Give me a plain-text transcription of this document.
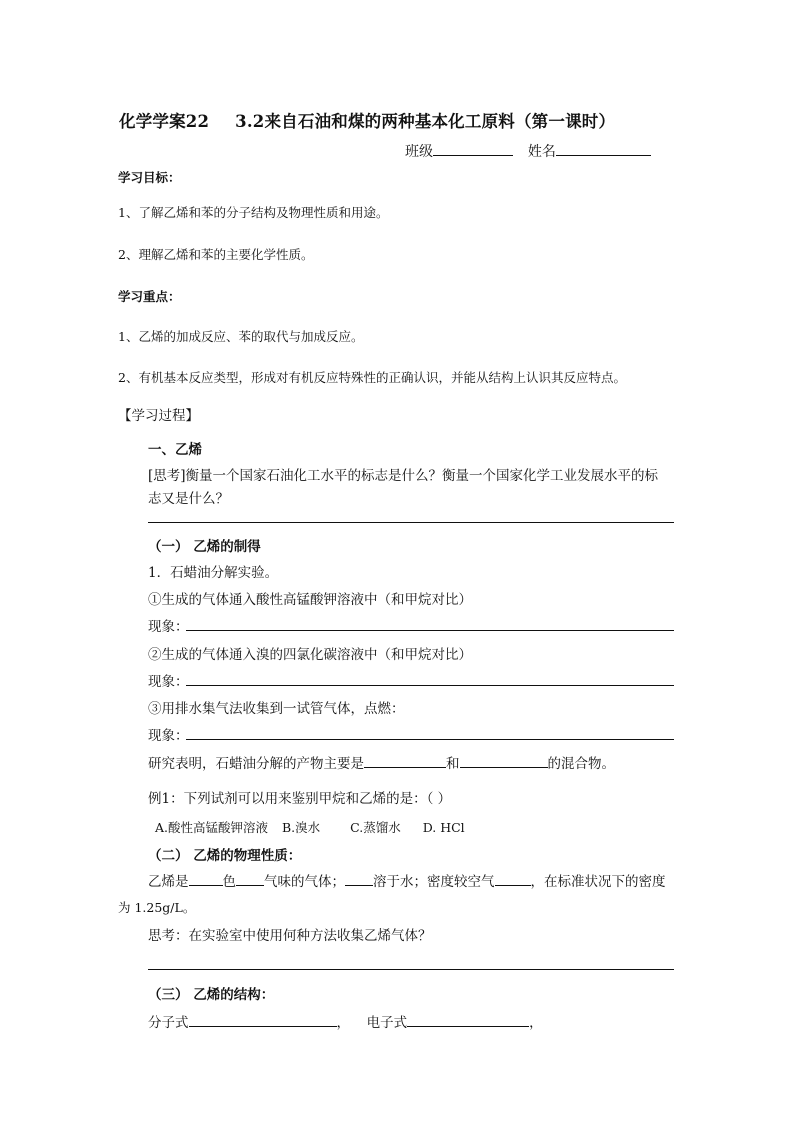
化学学案22 3.2来自石油和煤的两种基本化工原料（第一课时）
班级	姓名
学习目标：
1、了解乙烯和苯的分子结构及物理性质和用途。
2、理解乙烯和苯的主要化学性质。
学习重点：
1、乙烯的加成反应、苯的取代与加成反应。
2、有机基本反应类型，形成对有机反应特殊性的正确认识，并能从结构上认识其反应特点。
【学习过程】
一、乙烯
[思考]衡量一个国家石油化工水平的标志是什么？衡量一个国家化学工业发展水平的标
志又是什么？
（一） 乙烯的制得
1．石蜡油分解实验。
①生成的气体通入酸性高锰酸钾溶液中（和甲烷对比）
现象：
②生成的气体通入溴的四氯化碳溶液中（和甲烷对比）
现象：
③用排水集气法收集到一试管气体，点燃：
现象：
研究表明，石蜡油分解的产物主要是	和	的混合物。
例1：下列试剂可以用来鉴别甲烷和乙烯的是：（ ）
A.酸性高锰酸钾溶液 B.溴水 C.蒸馏水 D. HCl
（二） 乙烯的物理性质：
乙烯是	色 气味的气体； 溶于水；密度较空气	，在标准状况下的密度
为 1.25g/L。
思考：在实验室中使用何种方法收集乙烯气体？
（三） 乙烯的结构：
分子式	， 电子式	，
